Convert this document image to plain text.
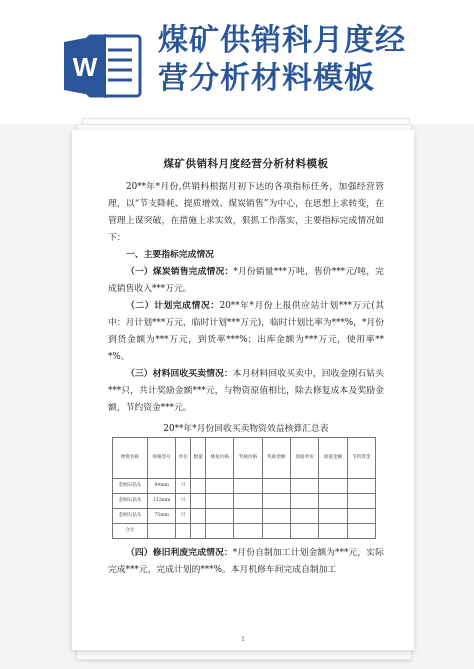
W
煤矿供销科月度经
营分析材料模板
煤矿供销科月度经营分析材料模板

20**年*月份,供销科根据月初下达的各项指标任务，加强经营管理，以“节支降耗、提质增效、煤炭销售”为中心，在思想上求转变，在管理上谋突破，在措施上求实效，狠抓工作落实，主要指标完成情况如下：

一、主要指标完成情况

（一）煤炭销售完成情况：*月份销量***万吨，售价***元/吨，完成销售收入***万元。

（二）计划完成情况：20**年*月份上报供应站计划***万元(其中：月计划***万元，临时计划***万元)，临时计划比率为***%，*月份到货金额为***万元，到货率***%；出库金额为***万元，使用率***%。

（三）材料回收买卖情况：本月材料回收买卖中，回收金刚石钻头***只，共计奖励金额***元，与物资原值相比，除去修复成本及奖励金额，节约资金***元。

20**年*月份回收买卖物资效益核算汇总表
物资名称	规格型号	单位	数量	修复价格	奖励价格	奖励金额	原值单价	原值金额	节约资金
金刚石钻头	94mm	只							
金刚石钻头	113mm	只							
金刚石钻头	75mm	只							
合计									

（四）修旧利废完成情况：*月份自制加工计划金额为***元，实际完成***元，完成计划的***%。本月机修车间完成自制加工

1
